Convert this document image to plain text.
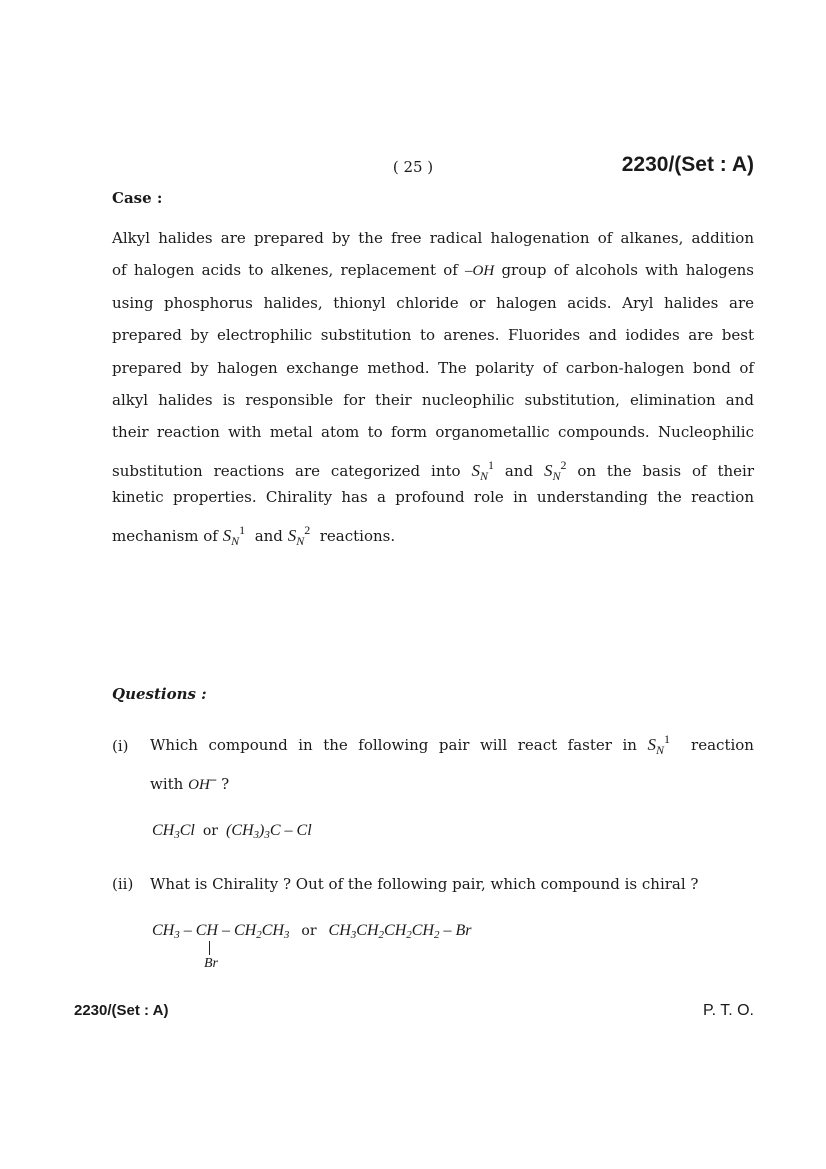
( 25 )	2230/(Set : A)
Case :
Alkyl halides are prepared by the free radical halogenation of alkanes, addition
of halogen acids to alkenes, replacement of –OH group of alcohols with halogens
using phosphorus halides, thionyl chloride or halogen acids. Aryl halides are
prepared by electrophilic substitution to arenes. Fluorides and iodides are best
prepared by halogen exchange method. The polarity of carbon-halogen bond of
alkyl halides is responsible for their nucleophilic substitution, elimination and
their reaction with metal atom to form organometallic compounds. Nucleophilic
substitution reactions are categorized into $S_N^1$ and $S_N^2$ on the basis of their
kinetic properties. Chirality has a profound role in understanding the reaction
mechanism of $S_N^1$ and $S_N^2$ reactions.
Questions :
(i) Which compound in the following pair will react faster in $S_N^1$ reaction
with OH– ?
$CH_3Cl$ or $(CH_3)_3C$ – Cl
(ii) What is Chirality ? Out of the following pair, which compound is chiral ?
$CH_3$ – CH – $CH_2CH_3$ or $CH_3CH_2CH_2CH_2$ – Br
Br
2230/(Set : A)	P. T. O.
